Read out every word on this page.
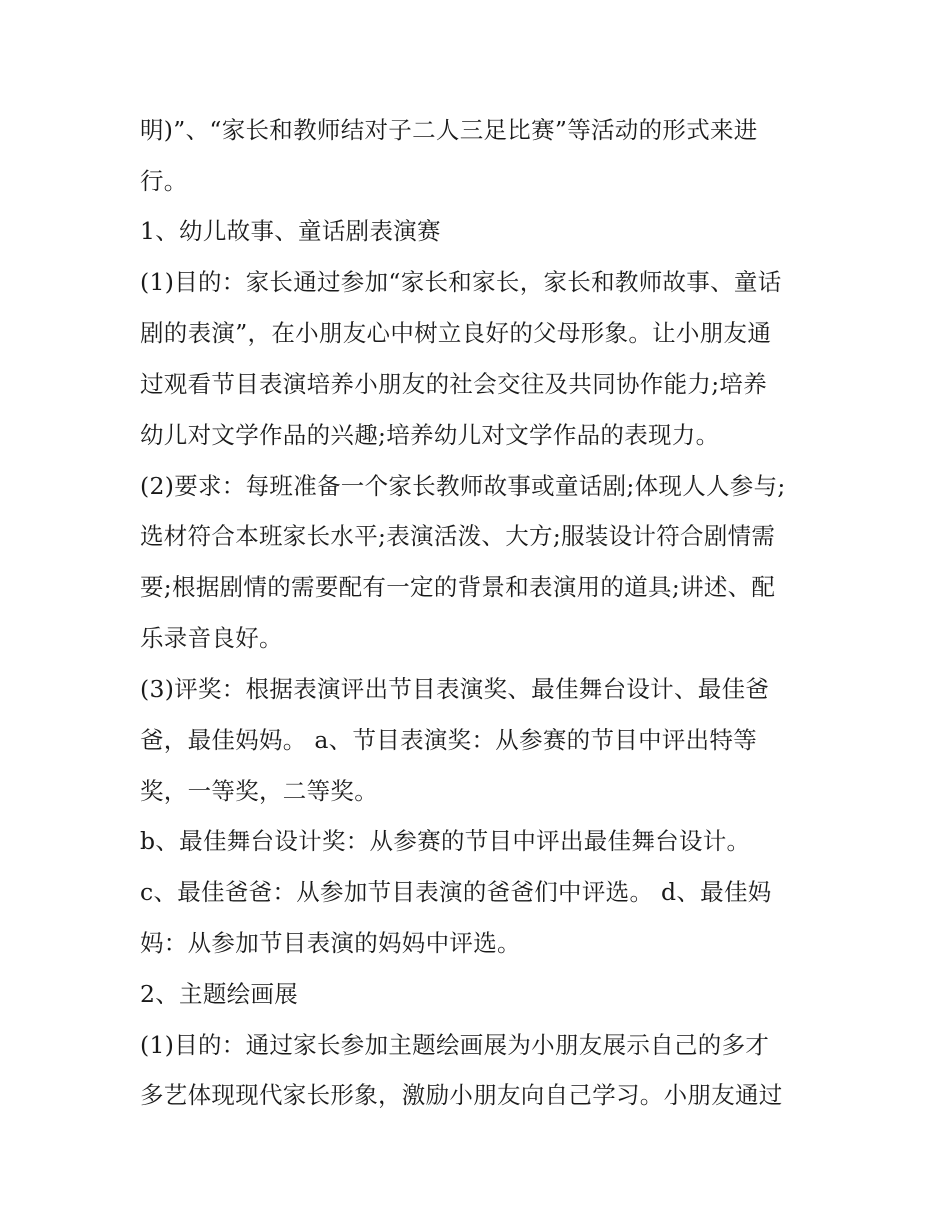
明)”、“家长和教师结对子二人三足比赛”等活动的形式来进
行。
1、幼儿故事、童话剧表演赛
(1)目的：家长通过参加“家长和家长，家长和教师故事、童话
剧的表演”，在小朋友心中树立良好的父母形象。让小朋友通
过观看节目表演培养小朋友的社会交往及共同协作能力;培养
幼儿对文学作品的兴趣;培养幼儿对文学作品的表现力。
(2)要求：每班准备一个家长教师故事或童话剧;体现人人参与;
选材符合本班家长水平;表演活泼、大方;服装设计符合剧情需
要;根据剧情的需要配有一定的背景和表演用的道具;讲述、配
乐录音良好。
(3)评奖：根据表演评出节目表演奖、最佳舞台设计、最佳爸
爸，最佳妈妈。 a、节目表演奖：从参赛的节目中评出特等
奖，一等奖，二等奖。
b、最佳舞台设计奖：从参赛的节目中评出最佳舞台设计。
c、最佳爸爸：从参加节目表演的爸爸们中评选。 d、最佳妈
妈：从参加节目表演的妈妈中评选。
2、主题绘画展
(1)目的：通过家长参加主题绘画展为小朋友展示自己的多才
多艺体现现代家长形象，激励小朋友向自己学习。小朋友通过
